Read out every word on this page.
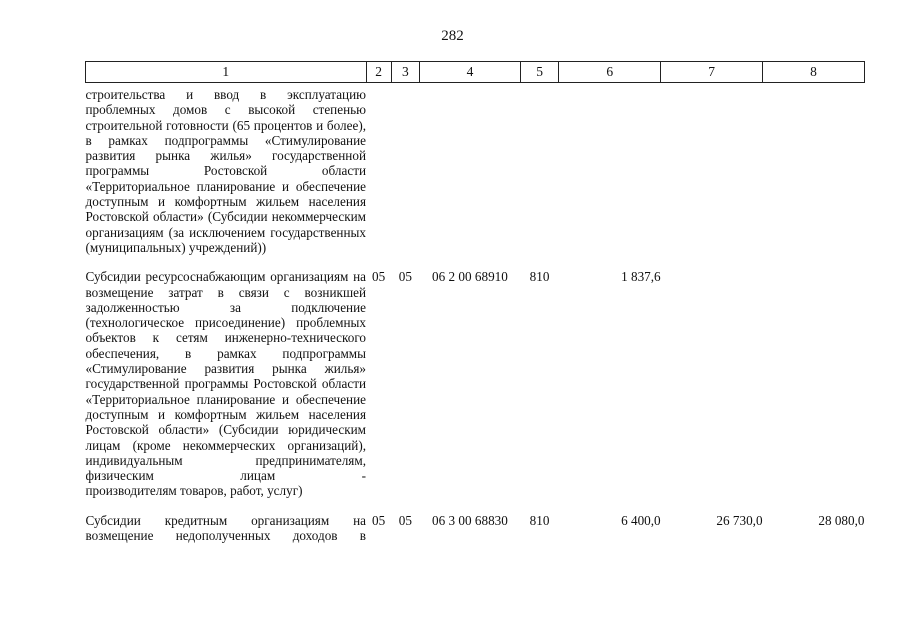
282
1	2	3	4	5	6	7	8
строительства и ввод в эксплуатацию проблемных домов с высокой степенью строительной готовности (65 процентов и более), в рамках подпрограммы «Стимулирование развития рынка жилья» государственной программы Ростовской области «Территориальное планирование и обеспечение доступным и комфортным жильем населения Ростовской области» (Субсидии некоммерческим организациям (за исключением государственных
(муниципальных) учреждений))							

Субсидии ресурсоснабжающим организациям на возмещение затрат в связи с возникшей задолженностью за подключение (технологическое присоединение) проблемных объектов к сетям инженерно-технического обеспечения, в рамках подпрограммы «Стимулирование развития рынка жилья» государственной программы Ростовской области «Территориальное планирование и обеспечение доступным и комфортным жильем населения Ростовской области» (Субсидии юридическим лицам (кроме некоммерческих организаций), индивидуальным предпринимателям, физическим лицам -
производителям товаров, работ, услуг)	05	05	06 2 00 68910	810	1 837,6		

Субсидии кредитным организациям на возмещение недополученных доходов в	05	05	06 3 00 68830	810	6 400,0	26 730,0	28 080,0
